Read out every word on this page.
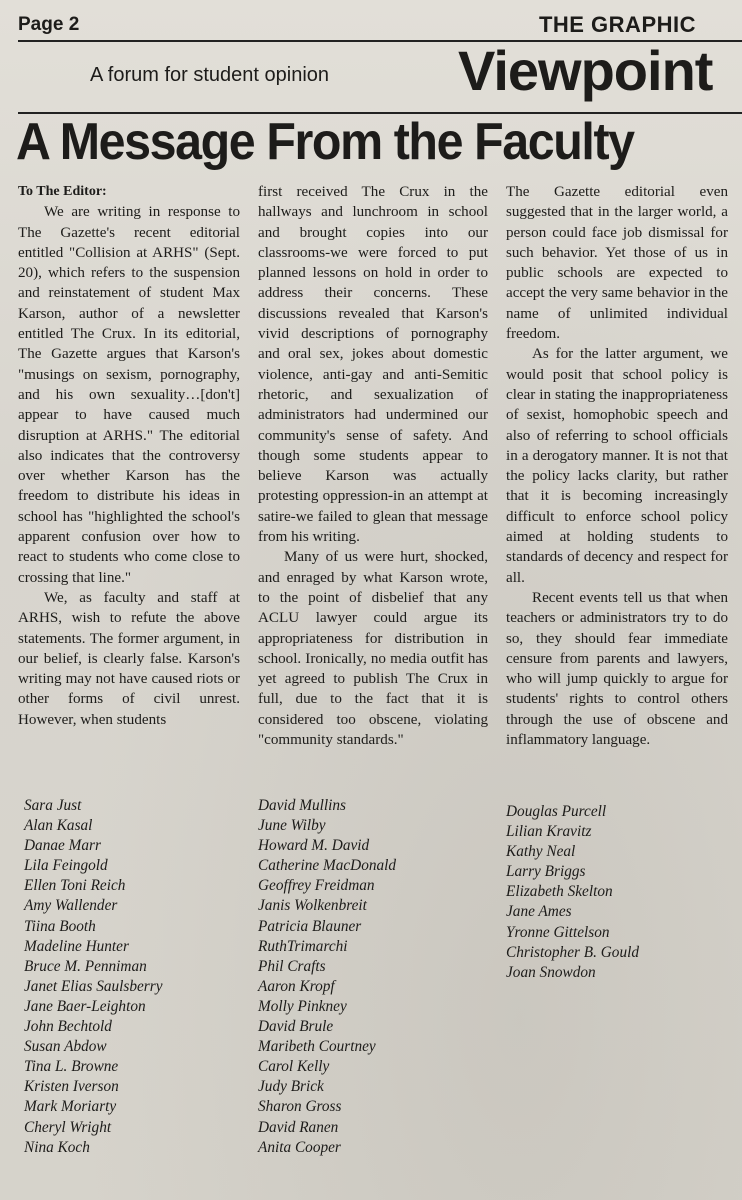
Page 2	THE GRAPHIC
A forum for student opinion Viewpoint
A Message From the Faculty
To The Editor:

We are writing in response to The Gazette's recent editorial entitled "Collision at ARHS" (Sept. 20), which refers to the suspension and reinstatement of student Max Karson, author of a newsletter entitled The Crux. In its editorial, The Gazette argues that Karson's "musings on sexism, pornography, and his own sexuality…[don't] appear to have caused much disruption at ARHS." The editorial also indicates that the controversy over whether Karson has the freedom to distribute his ideas in school has "highlighted the school's apparent confusion over how to react to students who come close to crossing that line."

We, as faculty and staff at ARHS, wish to refute the above statements. The former argument, in our belief, is clearly false. Karson's writing may not have caused riots or other forms of civil unrest. However, when students

first received The Crux in the hallways and lunchroom in school and brought copies into our classrooms-we were forced to put planned lessons on hold in order to address their concerns. These discussions revealed that Karson's vivid descriptions of pornography and oral sex, jokes about domestic violence, anti-gay and anti-Semitic rhetoric, and sexualization of administrators had undermined our community's sense of safety. And though some students appear to believe Karson was actually protesting oppression-in an attempt at satire-we failed to glean that message from his writing.

Many of us were hurt, shocked, and enraged by what Karson wrote, to the point of disbelief that any ACLU lawyer could argue its appropriateness for distribution in school. Ironically, no media outfit has yet agreed to publish The Crux in full, due to the fact that it is considered too obscene, violating "community standards."

The Gazette editorial even suggested that in the larger world, a person could face job dismissal for such behavior. Yet those of us in public schools are expected to accept the very same behavior in the name of unlimited individual freedom.

As for the latter argument, we would posit that school policy is clear in stating the inappropriateness of sexist, homophobic speech and also of referring to school officials in a derogatory manner. It is not that the policy lacks clarity, but rather that it is becoming increasingly difficult to enforce school policy aimed at holding students to standards of decency and respect for all.

Recent events tell us that when teachers or administrators try to do so, they should fear immediate censure from parents and lawyers, who will jump quickly to argue for students' rights to control others through the use of obscene and inflammatory language.

Sara Just
Alan Kasal
Danae Marr
Lila Feingold
Ellen Toni Reich
Amy Wallender
Tiina Booth
Madeline Hunter
Bruce M. Penniman
Janet Elias Saulsberry
Jane Baer-Leighton
John Bechtold
Susan Abdow
Tina L. Browne
Kristen Iverson
Mark Moriarty
Cheryl Wright
Nina Koch
David Mullins
June Wilby
Howard M. David
Catherine MacDonald
Geoffrey Freidman
Janis Wolkenbreit
Patricia Blauner
RuthTrimarchi
Phil Crafts
Aaron Kropf
Molly Pinkney
David Brule
Maribeth Courtney
Carol Kelly
Judy Brick
Sharon Gross
David Ranen
Anita Cooper
Douglas Purcell
Lilian Kravitz
Kathy Neal
Larry Briggs
Elizabeth Skelton
Jane Ames
Yronne Gittelson
Christopher B. Gould
Joan Snowdon
